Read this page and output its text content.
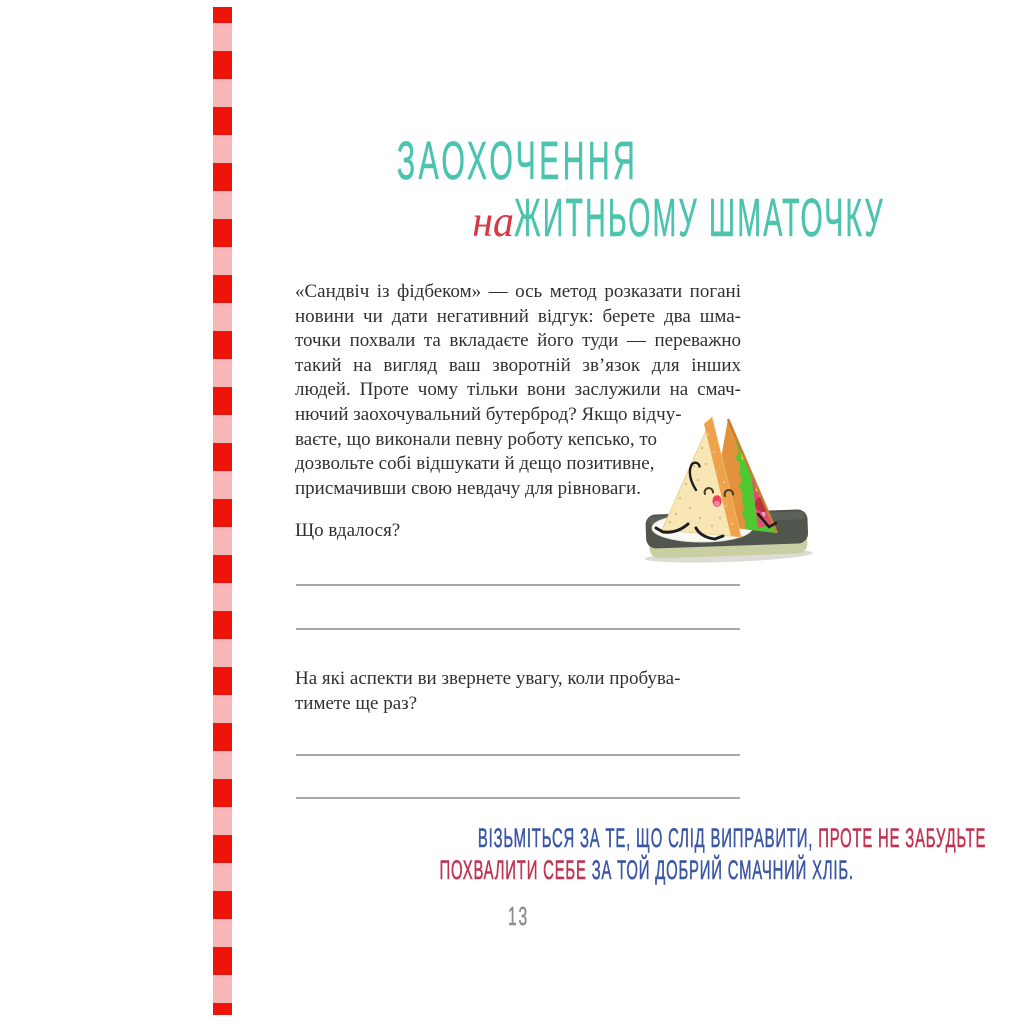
ЗАОХОЧЕННЯ
наЖИТНЬОМУ ШМАТОЧКУ
«Сандвіч із фідбеком» — ось метод розказати погані
новини чи дати негативний відгук: берете два шма-
точки похвали та вкладаєте його туди — переважно
такий на вигляд ваш зворотній зв’язок для інших
людей. Проте чому тільки вони заслужили на смач-
нючий заохочувальний бутерброд? Якщо відчу-
ваєте, що виконали певну роботу кепсько, то
дозвольте собі відшукати й дещо позитивне,
присмачивши свою невдачу для рівноваги.
Що вдалося?
На які аспекти ви звернете увагу, коли пробува-
тимете ще раз?
ВІЗЬМІТЬСЯ ЗА ТЕ, ЩО СЛІД ВИПРАВИТИ, ПРОТЕ НЕ ЗАБУДЬТЕ
ПОХВАЛИТИ СЕБЕ ЗА ТОЙ ДОБРИЙ СМАЧНИЙ ХЛІБ.
13
